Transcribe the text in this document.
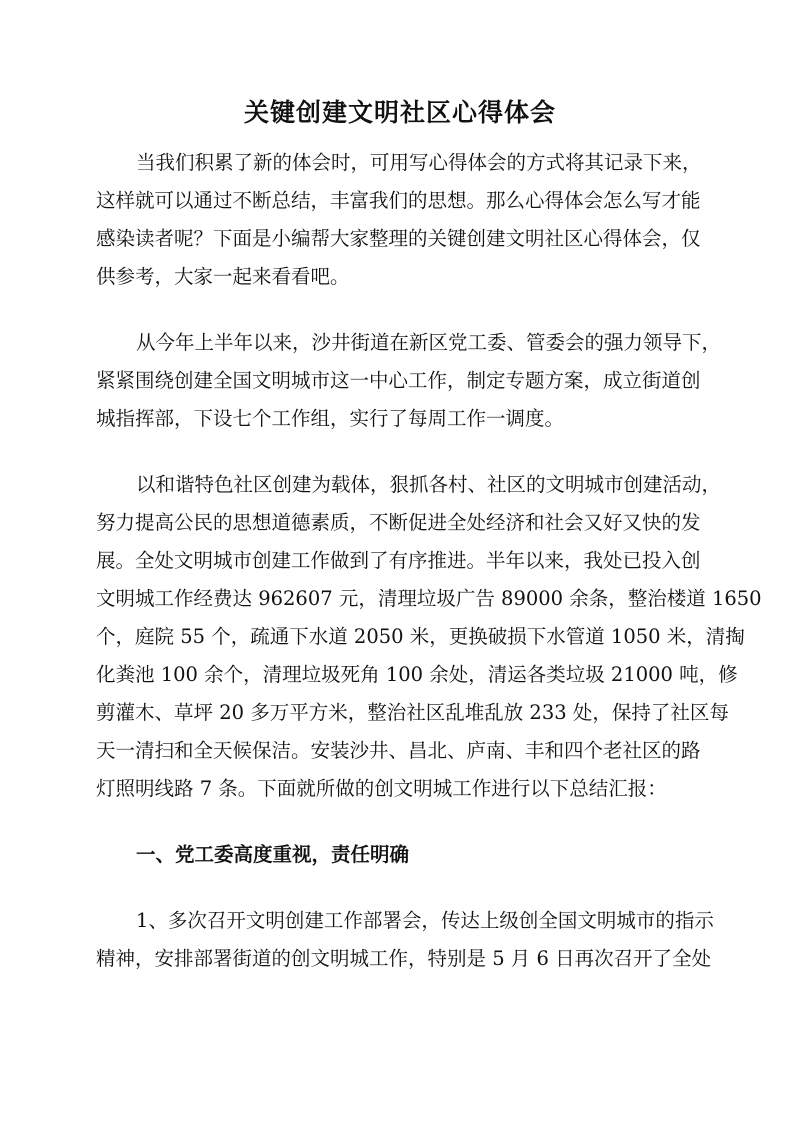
关键创建文明社区心得体会
当我们积累了新的体会时，可用写心得体会的方式将其记录下来，
这样就可以通过不断总结，丰富我们的思想。那么心得体会怎么写才能
感染读者呢？下面是小编帮大家整理的关键创建文明社区心得体会，仅
供参考，大家一起来看看吧。
从今年上半年以来，沙井街道在新区党工委、管委会的强力领导下，
紧紧围绕创建全国文明城市这一中心工作，制定专题方案，成立街道创
城指挥部，下设七个工作组，实行了每周工作一调度。
以和谐特色社区创建为载体，狠抓各村、社区的文明城市创建活动，
努力提高公民的思想道德素质，不断促进全处经济和社会又好又快的发
展。全处文明城市创建工作做到了有序推进。半年以来，我处已投入创
文明城工作经费达 962607 元，清理垃圾广告 89000 余条，整治楼道 1650
个，庭院 55 个，疏通下水道 2050 米，更换破损下水管道 1050 米，清掏
化粪池 100 余个，清理垃圾死角 100 余处，清运各类垃圾 21000 吨，修
剪灌木、草坪 20 多万平方米，整治社区乱堆乱放 233 处，保持了社区每
天一清扫和全天候保洁。安装沙井、昌北、庐南、丰和四个老社区的路
灯照明线路 7 条。下面就所做的创文明城工作进行以下总结汇报：
一、党工委高度重视，责任明确
1、多次召开文明创建工作部署会，传达上级创全国文明城市的指示
精神，安排部署街道的创文明城工作，特别是 5 月 6 日再次召开了全处
